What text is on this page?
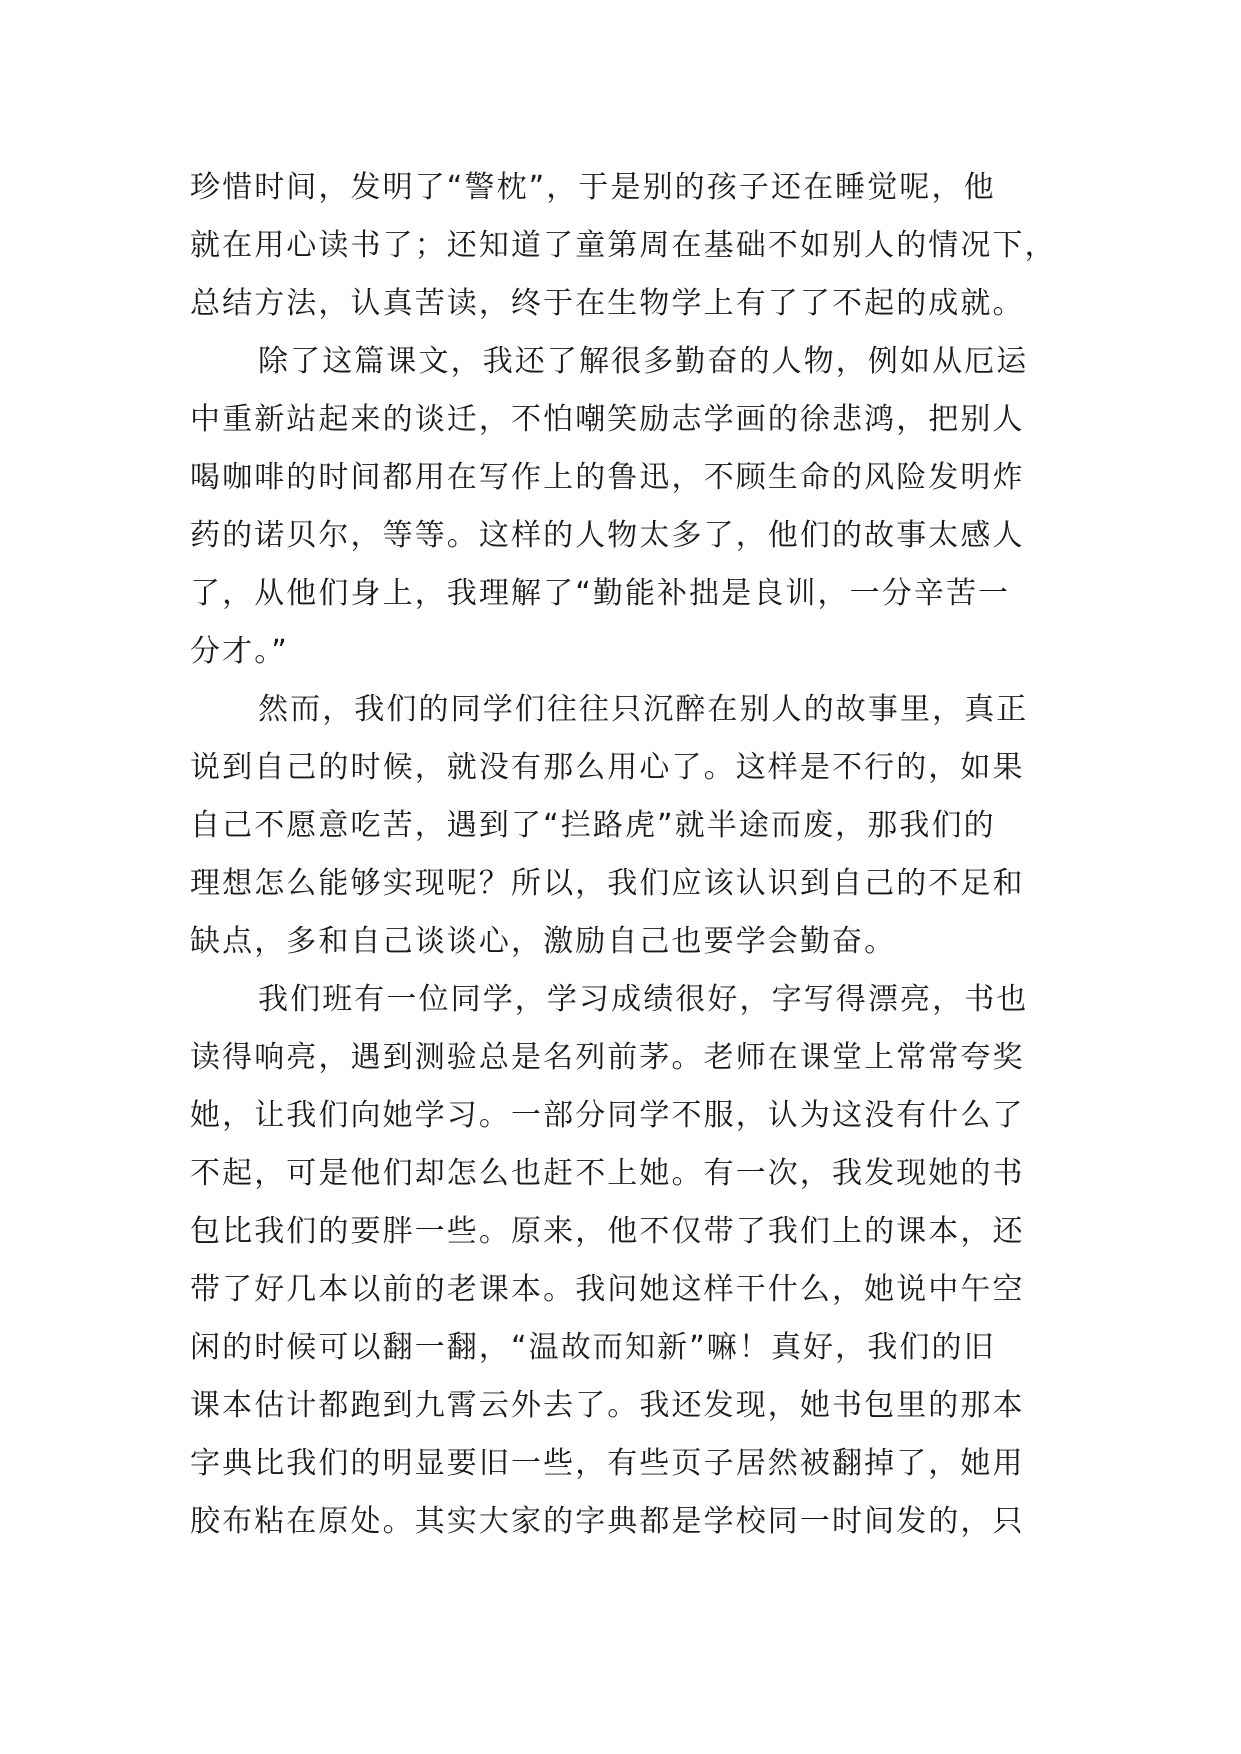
珍惜时间，发明了“警枕”，于是别的孩子还在睡觉呢，他
就在用心读书了；还知道了童第周在基础不如别人的情况下，
总结方法，认真苦读，终于在生物学上有了了不起的成就。
除了这篇课文，我还了解很多勤奋的人物，例如从厄运
中重新站起来的谈迁，不怕嘲笑励志学画的徐悲鸿，把别人
喝咖啡的时间都用在写作上的鲁迅，不顾生命的风险发明炸
药的诺贝尔，等等。这样的人物太多了，他们的故事太感人
了，从他们身上，我理解了“勤能补拙是良训，一分辛苦一
分才。”
然而，我们的同学们往往只沉醉在别人的故事里，真正
说到自己的时候，就没有那么用心了。这样是不行的，如果
自己不愿意吃苦，遇到了“拦路虎”就半途而废，那我们的
理想怎么能够实现呢？所以，我们应该认识到自己的不足和
缺点，多和自己谈谈心，激励自己也要学会勤奋。
我们班有一位同学，学习成绩很好，字写得漂亮，书也
读得响亮，遇到测验总是名列前茅。老师在课堂上常常夸奖
她，让我们向她学习。一部分同学不服，认为这没有什么了
不起，可是他们却怎么也赶不上她。有一次，我发现她的书
包比我们的要胖一些。原来，他不仅带了我们上的课本，还
带了好几本以前的老课本。我问她这样干什么，她说中午空
闲的时候可以翻一翻，“温故而知新”嘛！真好，我们的旧
课本估计都跑到九霄云外去了。我还发现，她书包里的那本
字典比我们的明显要旧一些，有些页子居然被翻掉了，她用
胶布粘在原处。其实大家的字典都是学校同一时间发的，只
